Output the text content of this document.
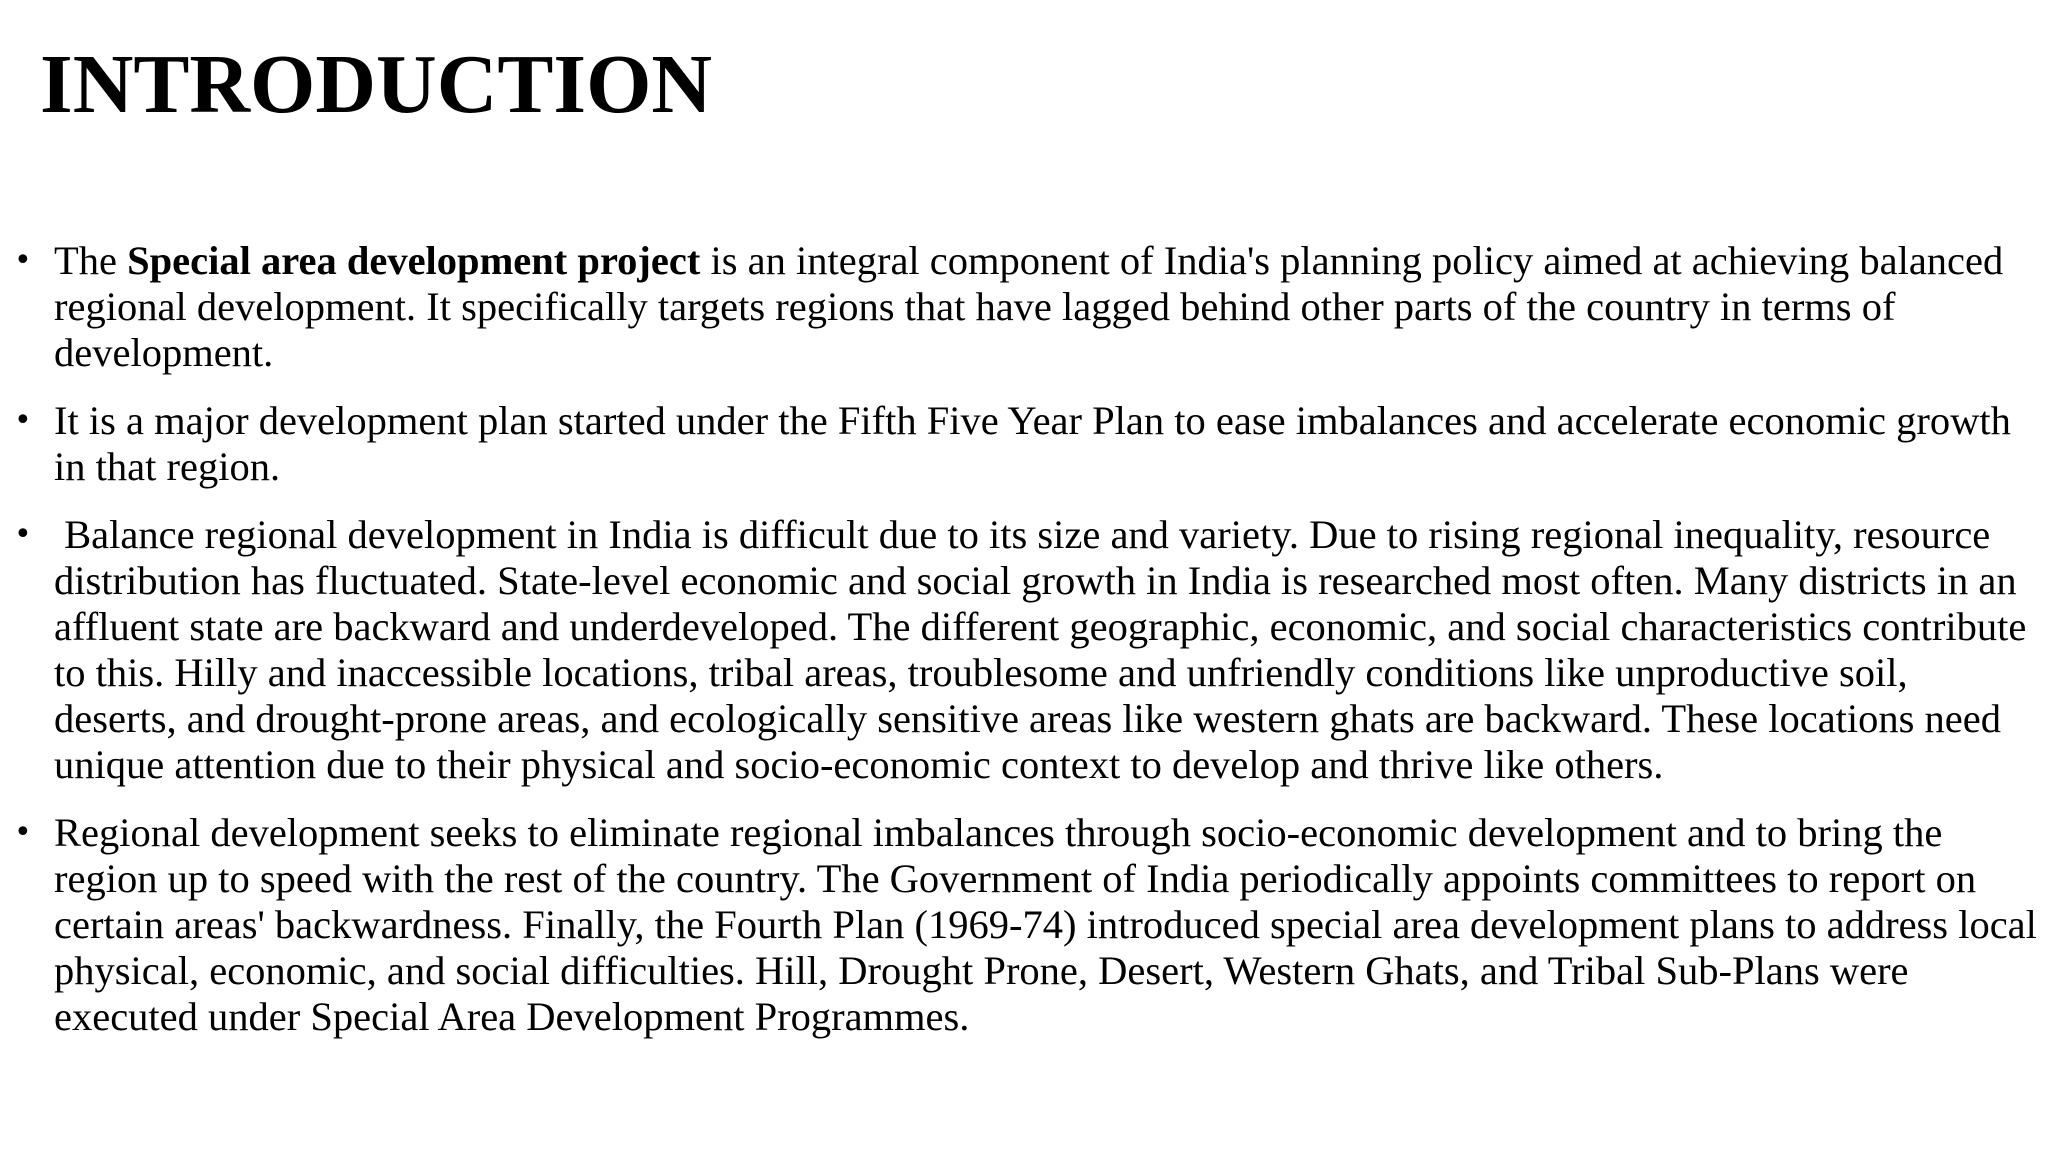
INTRODUCTION
• The Special area development project is an integral component of India's planning policy aimed at achieving balanced regional development. It specifically targets regions that have lagged behind other parts of the country in terms of development.
• It is a major development plan started under the Fifth Five Year Plan to ease imbalances and accelerate economic growth in that region.
• Balance regional development in India is difficult due to its size and variety. Due to rising regional inequality, resource distribution has fluctuated. State-level economic and social growth in India is researched most often. Many districts in an affluent state are backward and underdeveloped. The different geographic, economic, and social characteristics contribute to this. Hilly and inaccessible locations, tribal areas, troublesome and unfriendly conditions like unproductive soil, deserts, and drought-prone areas, and ecologically sensitive areas like western ghats are backward. These locations need unique attention due to their physical and socio-economic context to develop and thrive like others.
• Regional development seeks to eliminate regional imbalances through socio-economic development and to bring the region up to speed with the rest of the country. The Government of India periodically appoints committees to report on certain areas' backwardness. Finally, the Fourth Plan (1969-74) introduced special area development plans to address local physical, economic, and social difficulties. Hill, Drought Prone, Desert, Western Ghats, and Tribal Sub-Plans were executed under Special Area Development Programmes.
